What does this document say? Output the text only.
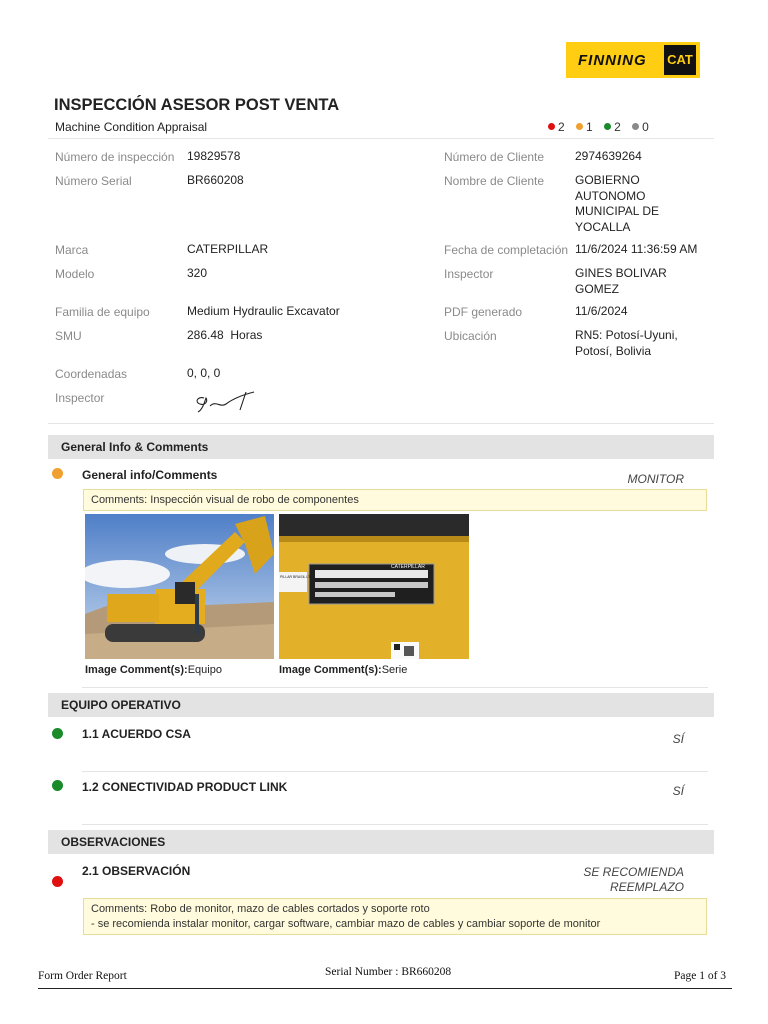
FINNING CAT
INSPECCIÓN ASESOR POST VENTA
Machine Condition Appraisal	2 1 2 0
Número de inspección 19829578
Número Serial	BR660208
Marca	CATERPILLAR
Modelo	320
Familia de equipo	Medium Hydraulic Excavator
SMU	286.48  Horas
Coordenadas	0, 0, 0
Inspector
Número de Cliente	2974639264
Nombre de Cliente	GOBIERNO
AUTONOMO
MUNICIPAL DE
YOCALLA
Fecha de completación 11/6/2024 11:36:59 AM
Inspector	GINES BOLIVAR
GOMEZ
PDF generado	11/6/2024
Ubicación	RN5: Potosí-Uyuni,
Potosí, Bolivia
General Info & Comments
General info/Comments	MONITOR
Comments: Inspección visual de robo de componentes
Image Comment(s):Equipo
CATERPILLAR
PILLAR BRASIL LTDA
Image Comment(s):Serie
EQUIPO OPERATIVO
1.1 ACUERDO CSA	SÍ
1.2 CONECTIVIDAD PRODUCT LINK	SÍ
OBSERVACIONES
2.1 OBSERVACIÓN	SE RECOMIENDA
REEMPLAZO
Comments: Robo de monitor, mazo de cables cortados y soporte roto
- se recomienda instalar monitor, cargar software, cambiar mazo de cables y cambiar soporte de monitor
Form Order Report	Serial Number : BR660208	Page 1 of 3
